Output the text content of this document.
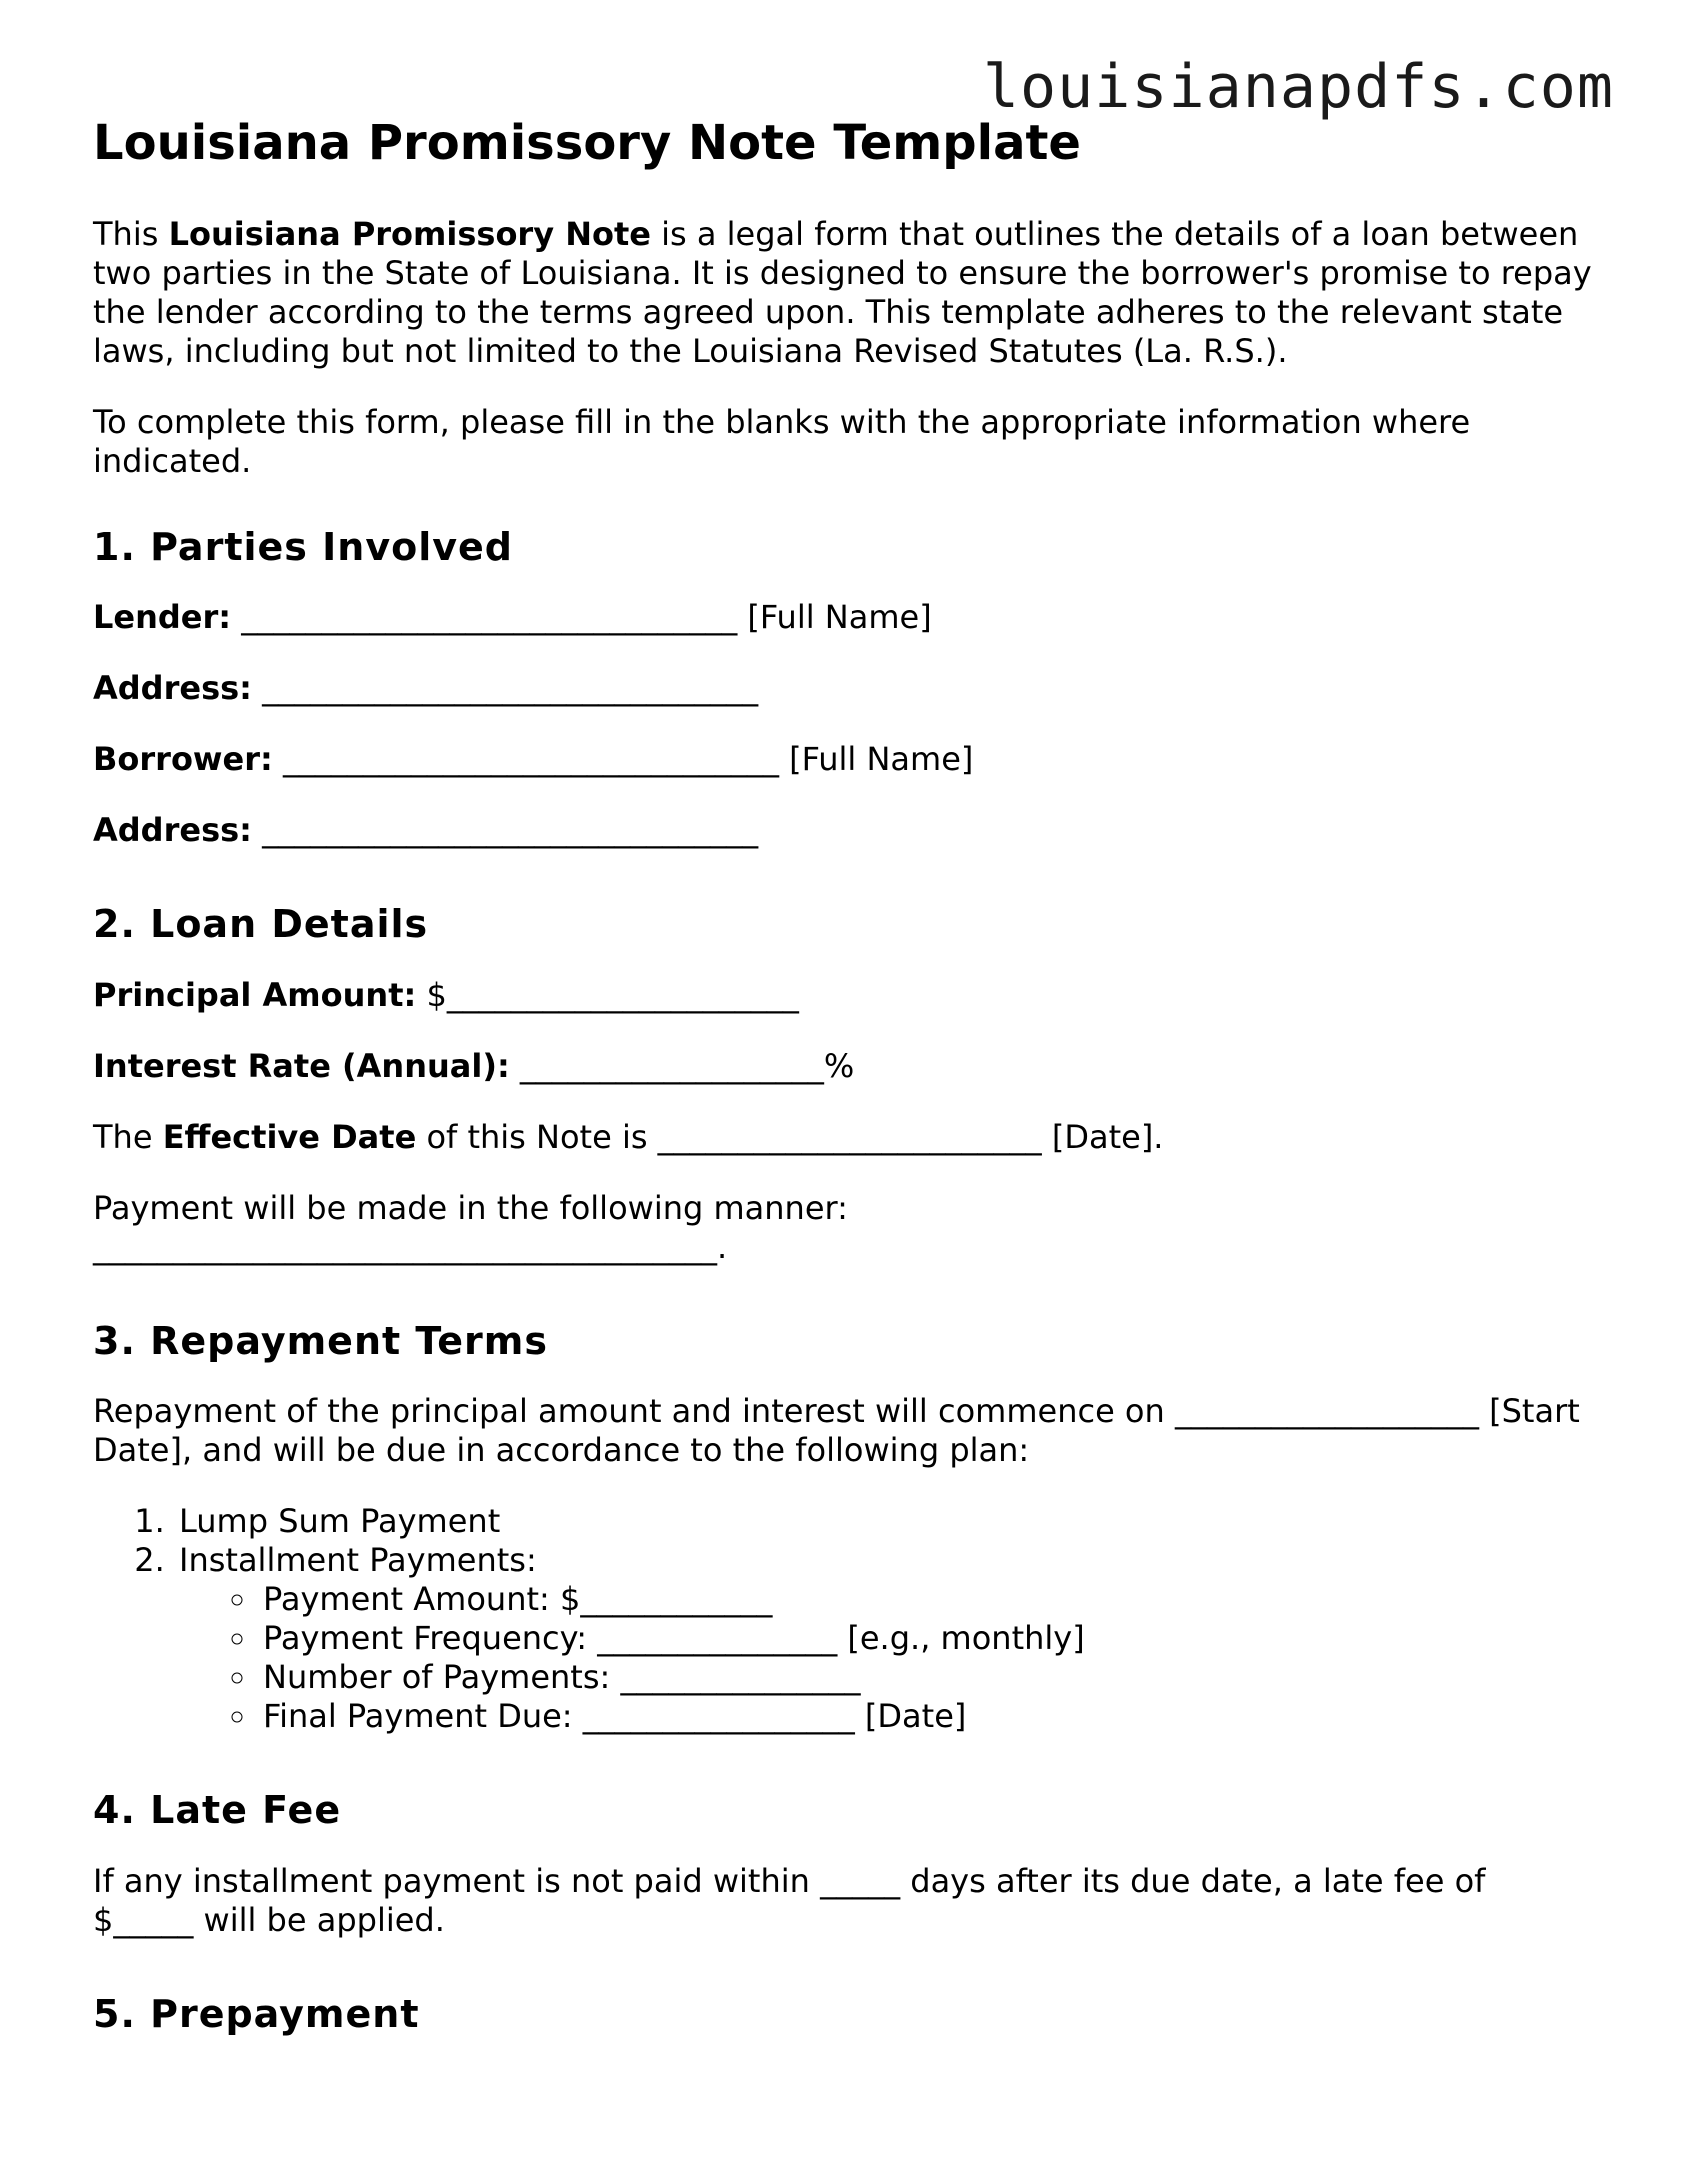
louisianapdfs.com
Louisiana Promissory Note Template

This Louisiana Promissory Note is a legal form that outlines the details of a loan between two parties in the State of Louisiana. It is designed to ensure the borrower's promise to repay the lender according to the terms agreed upon. This template adheres to the relevant state laws, including but not limited to the Louisiana Revised Statutes (La. R.S.).

To complete this form, please fill in the blanks with the appropriate information where indicated.

1. Parties Involved

Lender: _______________________________ [Full Name]

Address: _______________________________

Borrower: _______________________________ [Full Name]

Address: _______________________________

2. Loan Details

Principal Amount: $______________________

Interest Rate (Annual): ___________________%

The Effective Date of this Note is ________________________ [Date].

Payment will be made in the following manner:
_______________________________________.

3. Repayment Terms

Repayment of the principal amount and interest will commence on ___________________ [Start Date], and will be due in accordance to the following plan:

1. Lump Sum Payment
2. Installment Payments:
◦ Payment Amount: $____________
◦ Payment Frequency: _______________ [e.g., monthly]
◦ Number of Payments: _______________
◦ Final Payment Due: _________________ [Date]
4. Late Fee

If any installment payment is not paid within _____ days after its due date, a late fee of $_____ will be applied.

5. Prepayment
